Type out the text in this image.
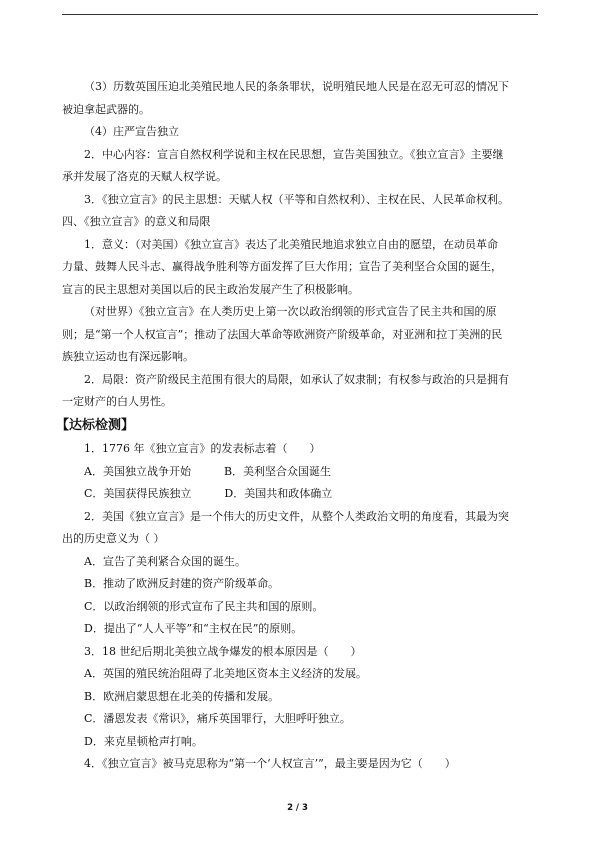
（3）历数英国压迫北美殖民地人民的条条罪状，说明殖民地人民是在忍无可忍的情况下

被迫拿起武器的。

（4）庄严宣告独立

2．中心内容：宣言自然权利学说和主权在民思想，宣告美国独立。《独立宣言》主要继

承并发展了洛克的天赋人权学说。

3．《独立宣言》的民主思想：天赋人权（平等和自然权利）、主权在民、人民革命权利。

四、《独立宣言》的意义和局限

1．意义：（对美国）《独立宣言》表达了北美殖民地追求独立自由的愿望，在动员革命

力量、鼓舞人民斗志、赢得战争胜利等方面发挥了巨大作用；宣告了美利坚合众国的诞生，

宣言的民主思想对美国以后的民主政治发展产生了积极影响。

（对世界）《独立宣言》在人类历史上第一次以政治纲领的形式宣告了民主共和国的原

则；是“第一个人权宣言”；推动了法国大革命等欧洲资产阶级革命，对亚洲和拉丁美洲的民

族独立运动也有深远影响。

2．局限：资产阶级民主范围有很大的局限，如承认了奴隶制；有权参与政治的只是拥有

一定财产的白人男性。

【达标检测】

1．1776 年《独立宣言》的发表标志着（　　）

A．美国独立战争开始　　　B．美利坚合众国诞生

C．美国获得民族独立　　　D．美国共和政体确立

2．美国《独立宣言》是一个伟大的历史文件，从整个人类政治文明的角度看，其最为突

出的历史意义为（ ）

A．宣告了美利紧合众国的诞生。

B．推动了欧洲反封建的资产阶级革命。

C．以政治纲领的形式宣布了民主共和国的原则。

D．提出了“人人平等”和“主权在民”的原则。

3．18 世纪后期北美独立战争爆发的根本原因是（　　）

A．英国的殖民统治阻碍了北美地区资本主义经济的发展。

B．欧洲启蒙思想在北美的传播和发展。

C．潘恩发表《常识》，痛斥英国罪行，大胆呼吁独立。

D．来克星顿枪声打响。

4．《独立宣言》被马克思称为“第一个‘人权宣言’”，最主要是因为它（　　）

2 / 3
